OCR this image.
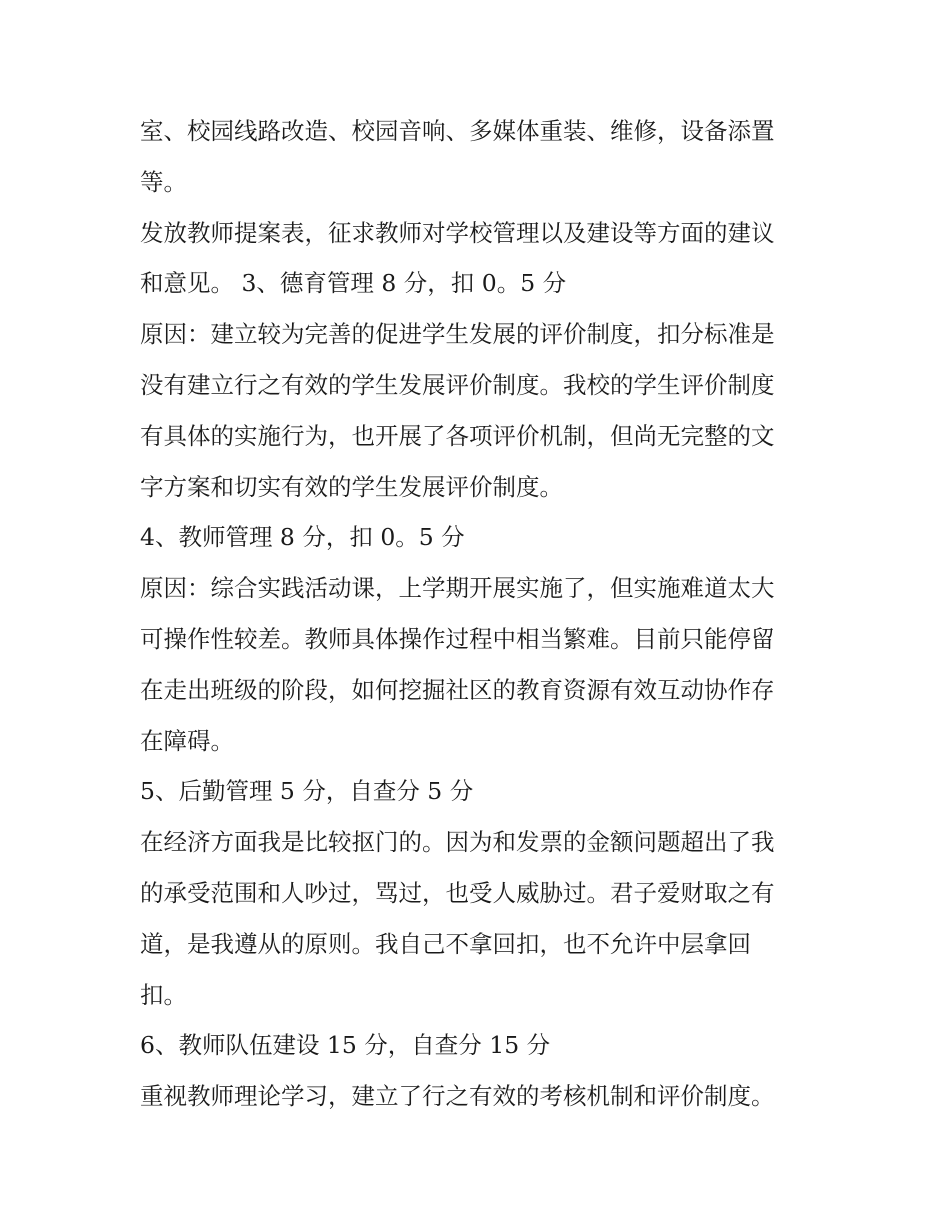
室、校园线路改造、校园音响、多媒体重装、维修，设备添置
等。

发放教师提案表，征求教师对学校管理以及建设等方面的建议
和意见。 3、德育管理 8 分，扣 0。5 分

原因：建立较为完善的促进学生发展的评价制度，扣分标准是
没有建立行之有效的学生发展评价制度。我校的学生评价制度
有具体的实施行为，也开展了各项评价机制，但尚无完整的文
字方案和切实有效的学生发展评价制度。

4、教师管理 8 分，扣 0。5 分

原因：综合实践活动课，上学期开展实施了，但实施难道太大
可操作性较差。教师具体操作过程中相当繁难。目前只能停留
在走出班级的阶段，如何挖掘社区的教育资源有效互动协作存
在障碍。

5、后勤管理 5 分，自查分 5 分

在经济方面我是比较抠门的。因为和发票的金额问题超出了我
的承受范围和人吵过，骂过，也受人威胁过。君子爱财取之有
道，是我遵从的原则。我自己不拿回扣，也不允许中层拿回
扣。

6、教师队伍建设 15 分，自查分 15 分

重视教师理论学习，建立了行之有效的考核机制和评价制度。
